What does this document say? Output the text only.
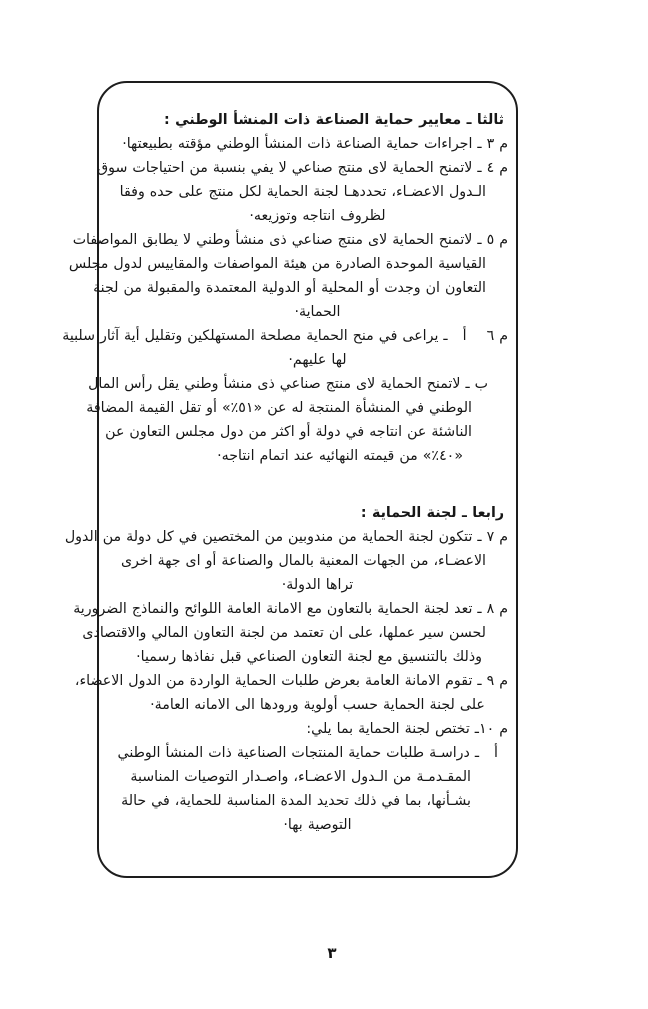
ثالثا ـ معايير حماية الصناعة ذات المنشأ الوطني :
م ٣ ـ اجراءات حماية الصناعة ذات المنشأ الوطني مؤقته بطبيعتها·
م ٤ ـ لاتمنح الحماية لاى منتج صناعي لا يفي بنسبة من احتياجات سوق
الـدول الاعضـاء، تحددهـا لجنة الحماية لكل منتج على حده وفقا
لظروف انتاجه وتوزيعه·
م ٥ ـ لاتمنح الحماية لاى منتج صناعي ذى منشأ وطني لا يطابق المواصفات
القياسية الموحدة الصادرة من هيئة المواصفات والمقاييس لدول مجلس
التعاون ان وجدت أو المحلية أو الدولية المعتمدة والمقبولة من لجنة
الحماية·
م ٦    أ   ـ يراعى في منح الحماية مصلحة المستهلكين وتقليل أية آثار سلبية
لها عليهم·
ب ـ لاتمنح الحماية لاى منتج صناعي ذى منشأ وطني يقل رأس المال
الوطني في المنشأة المنتجة له عن «٥١٪» أو تقل القيمة المضافة
الناشئة عن انتاجه في دولة أو اكثر من دول مجلس التعاون عن
«٤٠٪» من قيمته النهائيه عند اتمام انتاجه·
رابعا ـ لجنة الحماية :
م ٧ ـ تتكون لجنة الحماية من مندوبين من المختصين في كل دولة من الدول
الاعضـاء، من الجهات المعنية بالمال والصناعة أو اى جهة اخرى
تراها الدولة·
م ٨ ـ تعد لجنة الحماية بالتعاون مع الامانة العامة اللوائح والنماذج الضرورية
لحسن سير عملها، على ان تعتمد من لجنة التعاون المالي والاقتصادى
وذلك بالتنسيق مع لجنة التعاون الصناعي قبل نفاذها رسميا·
م ٩ ـ تقوم الامانة العامة بعرض طلبات الحماية الواردة من الدول الاعضاء،
على لجنة الحماية حسب أولوية ورودها الى الامانه العامة·
م ١٠ـ تختص لجنة الحماية بما يلي:
أ   ـ دراسـة طلبات حماية المنتجات الصناعية ذات المنشأ الوطني
المقـدمـة من الـدول الاعضـاء، واصـدار التوصيات المناسبة
بشـأنها، بما في ذلك تحديد المدة المناسبة للحماية، في حالة
التوصية بها·
٣
